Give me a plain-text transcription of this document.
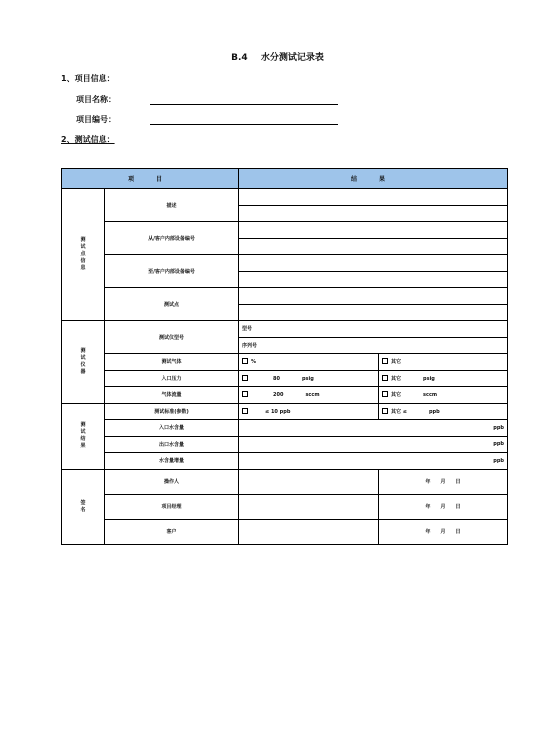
B.4 水分测试记录表
1、项目信息：
项目名称：
项目编号：
2、测试信息：
项 目		结 果	
测试点信息	描述		

	从/客户内部设备编号		

	至/客户内部设备编号		

	测试点		

测试仪器	测试仪型号	型号	
		序列号	
	测试气体	%	其它
	入口压力	80 psig	其它 psig
	气体流量	200 sccm	其它 sccm
测试结果	测试标准(参数)	≤ 10 ppb	其它 ≤ ppb
	入口水含量	ppb	
	出口水含量	ppb	
	水含量增量	ppb	
签名	操作人		年 月 日
	项目经理		年 月 日
	客户		年 月 日
